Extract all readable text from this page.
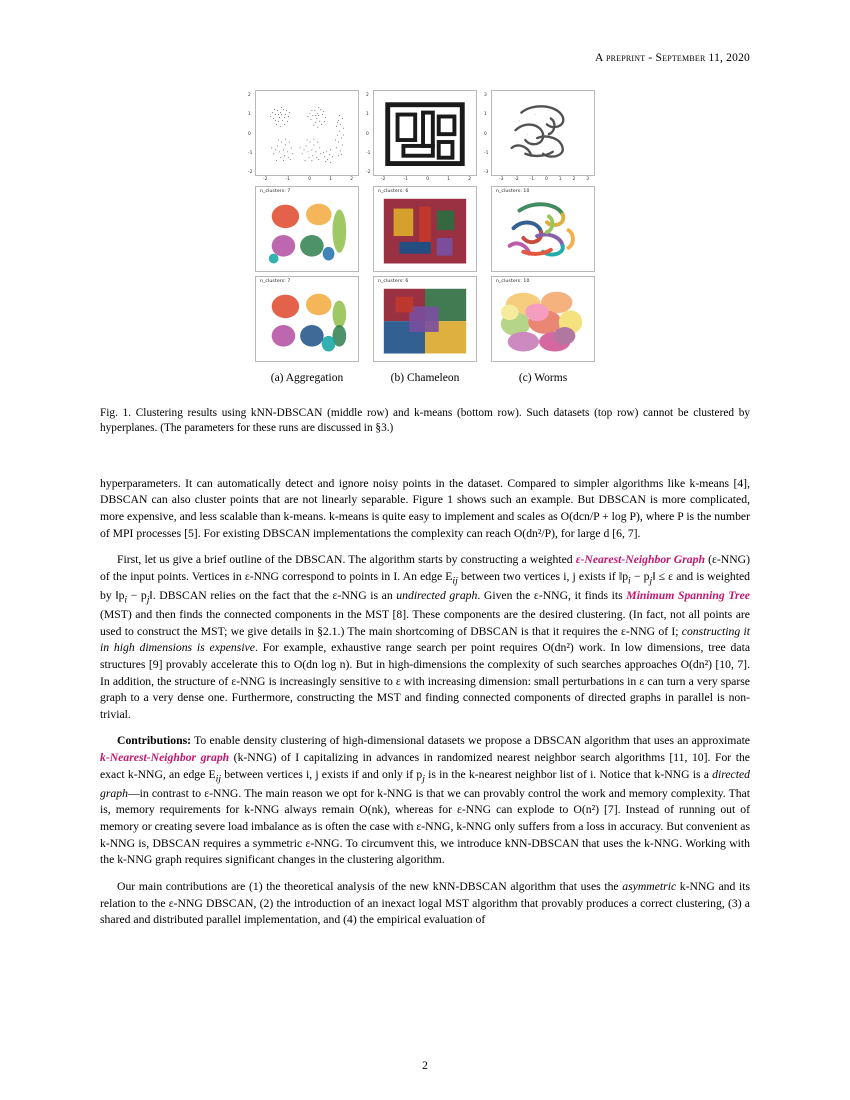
A preprint - September 11, 2020
2
1
0
-1
-2
-2	-1	0	1	2
2
1
0
-1
-2
-2	-1	0	1	2
3
1
0
-1
-3
-3 -2 -1 0 1 2 3
n_clusters: 7	n_clusters: 6	n_clusters: 10
n_clusters: 7	n_clusters: 6	n_clusters: 10
(a) Aggregation	(b) Chameleon	(c) Worms
Fig. 1. Clustering results using kNN-DBSCAN (middle row) and k-means (bottom row). Such datasets (top row) cannot be clustered by hyperplanes. (The parameters for these runs are discussed in §3.)

hyperparameters. It can automatically detect and ignore noisy points in the dataset. Compared to simpler algorithms like k-means [4], DBSCAN can also cluster points that are not linearly separable. Figure 1 shows such an example. But DBSCAN is more complicated, more expensive, and less scalable than k-means. k-means is quite easy to implement and scales as O(dcn/P + log P), where P is the number of MPI processes [5]. For existing DBSCAN implementations the complexity can reach O(dn²/P), for large d [6, 7].

First, let us give a brief outline of the DBSCAN. The algorithm starts by constructing a weighted ε-Nearest-Neighbor Graph (ε-NNG) of the input points. Vertices in ε-NNG correspond to points in I. An edge $E_{ij}$ between two vertices i, j exists if $‖p_i$ − $p_j‖ \le \varepsilon$ and is weighted by $‖p_i$ − $p_j‖$. DBSCAN relies on the fact that the ε-NNG is an undirected graph. Given the ε-NNG, it finds its Minimum Spanning Tree (MST) and then finds the connected components in the MST [8]. These components are the desired clustering. (In fact, not all points are used to construct the MST; we give details in §2.1.) The main shortcoming of DBSCAN is that it requires the ε-NNG of I; constructing it in high dimensions is expensive. For example, exhaustive range search per point requires O(dn²) work. In low dimensions, tree data structures [9] provably accelerate this to O(dn log n). But in high-dimensions the complexity of such searches approaches O(dn²) [10, 7]. In addition, the structure of ε-NNG is increasingly sensitive to ε with increasing dimension: small perturbations in ε can turn a very sparse graph to a very dense one. Furthermore, constructing the MST and finding connected components of directed graphs in parallel is non-trivial.

Contributions: To enable density clustering of high-dimensional datasets we propose a DBSCAN algorithm that uses an approximate k-Nearest-Neighbor graph (k-NNG) of I capitalizing in advances in randomized nearest neighbor search algorithms [11, 10]. For the exact k-NNG, an edge $E_{ij}$ between vertices i, j exists if and only if $p_j$ is in the k-nearest neighbor list of i. Notice that k-NNG is a directed graph—in contrast to ε-NNG. The main reason we opt for k-NNG is that we can provably control the work and memory complexity. That is, memory requirements for k-NNG always remain O(nk), whereas for ε-NNG can explode to O(n²) [7]. Instead of running out of memory or creating severe load imbalance as is often the case with ε-NNG, k-NNG only suffers from a loss in accuracy. But convenient as k-NNG is, DBSCAN requires a symmetric ε-NNG. To circumvent this, we introduce kNN-DBSCAN that uses the k-NNG. Working with the k-NNG graph requires significant changes in the clustering algorithm.

Our main contributions are (1) the theoretical analysis of the new kNN-DBSCAN algorithm that uses the asymmetric k-NNG and its relation to the ε-NNG DBSCAN, (2) the introduction of an inexact logal MST algorithm that provably produces a correct clustering, (3) a shared and distributed parallel implementation, and (4) the empirical evaluation of

2
